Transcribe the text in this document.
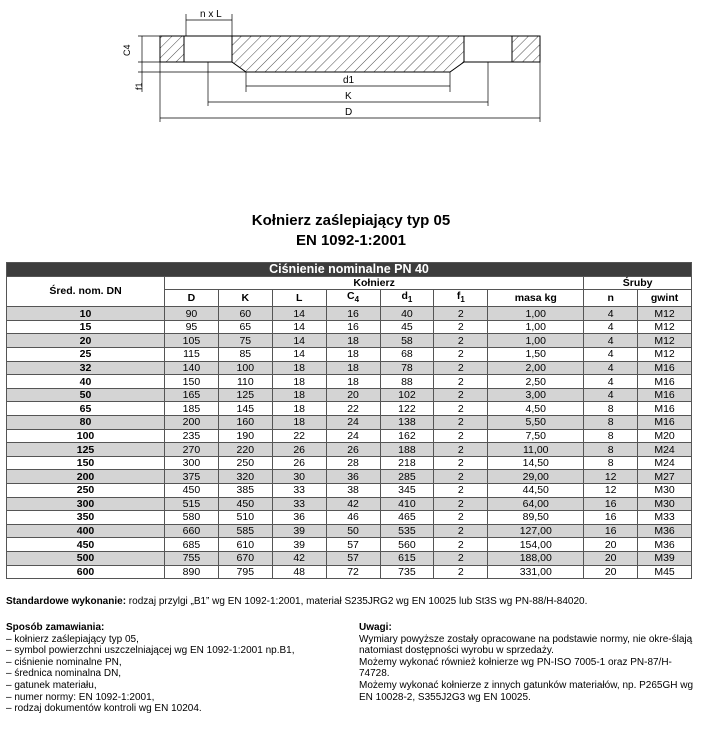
n x L
C4
f1
d1
K
D
Kołnierz zaślepiający typ 05
EN 1092-1:2001
Ciśnienie nominalne PN 40									
Śred. nom. DN	Kołnierz							Śruby	
	D	K	L	$C_4$	$d_1$	$f_1$	masa kg	n	gwint
10	90	60	14	16	40	2	1,00	4	M12
15	95	65	14	16	45	2	1,00	4	M12
20	105	75	14	18	58	2	1,00	4	M12
25	115	85	14	18	68	2	1,50	4	M12
32	140	100	18	18	78	2	2,00	4	M16
40	150	110	18	18	88	2	2,50	4	M16
50	165	125	18	20	102	2	3,00	4	M16
65	185	145	18	22	122	2	4,50	8	M16
80	200	160	18	24	138	2	5,50	8	M16
100	235	190	22	24	162	2	7,50	8	M20
125	270	220	26	26	188	2	11,00	8	M24
150	300	250	26	28	218	2	14,50	8	M24
200	375	320	30	36	285	2	29,00	12	M27
250	450	385	33	38	345	2	44,50	12	M30
300	515	450	33	42	410	2	64,00	16	M30
350	580	510	36	46	465	2	89,50	16	M33
400	660	585	39	50	535	2	127,00	16	M36
450	685	610	39	57	560	2	154,00	20	M36
500	755	670	42	57	615	2	188,00	20	M39
600	890	795	48	72	735	2	331,00	20	M45
Standardowe wykonanie: rodzaj przylgi „B1” wg EN 1092-1:2001, materiał S235JRG2 wg EN 10025 lub St3S wg PN-88/H-84020.
Sposób zamawiania:
– kołnierz zaślepiający typ 05,
– symbol powierzchni uszczelniającej wg EN 1092-1:2001 np.B1,
– ciśnienie nominalne PN,
– średnica nominalna DN,
– gatunek materiału,
– numer normy: EN 1092-1:2001,
– rodzaj dokumentów kontroli wg EN 10204.
Uwagi:
Wymiary powyższe zostały opracowane na podstawie normy, nie okre-ślają natomiast dostępności wyrobu w sprzedaży.
Możemy wykonać również kołnierze wg PN-ISO 7005-1 oraz PN-87/H-74728.
Możemy wykonać kołnierze z innych gatunków materiałów, np. P265GH wg EN 10028-2, S355J2G3 wg EN 10025.
